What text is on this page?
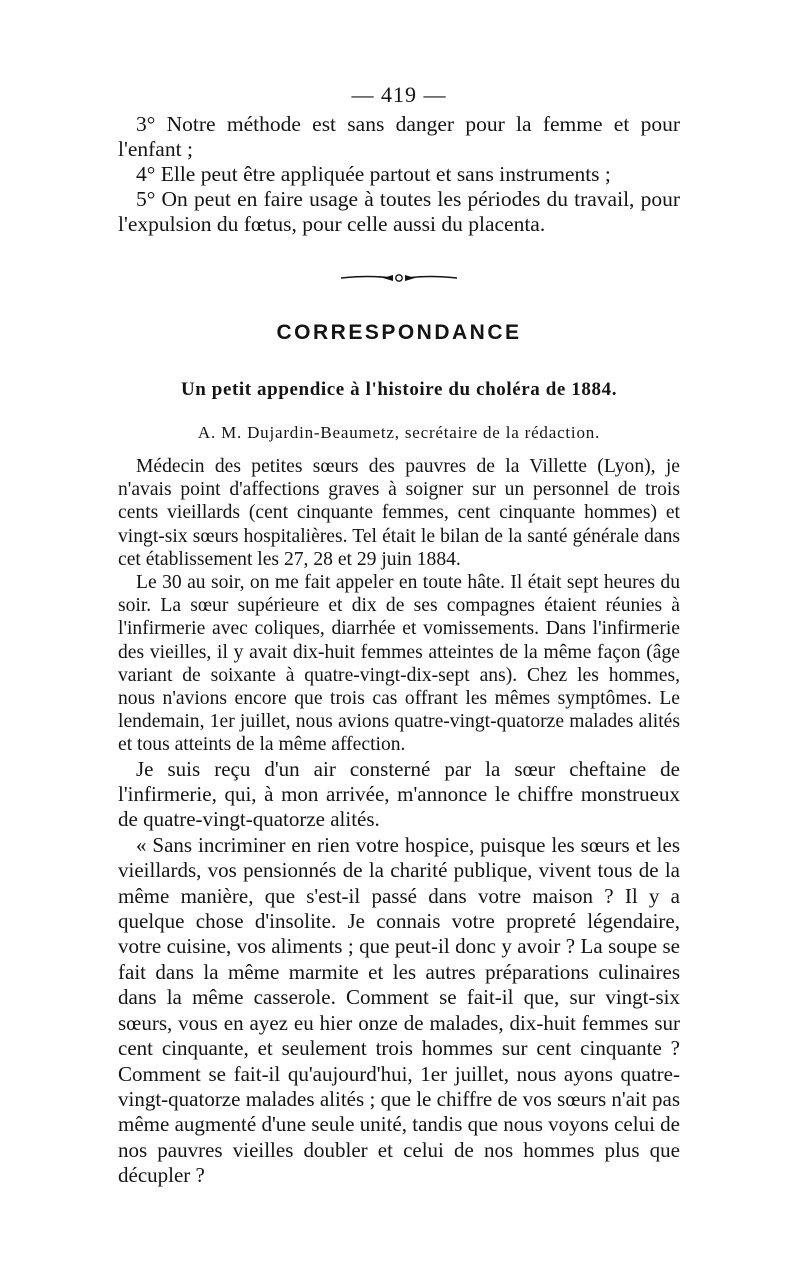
— 419 —

3° Notre méthode est sans danger pour la femme et pour l'enfant ;

4° Elle peut être appliquée partout et sans instruments ;

5° On peut en faire usage à toutes les périodes du travail, pour l'expulsion du fœtus, pour celle aussi du placenta.

CORRESPONDANCE
Un petit appendice à l'histoire du choléra de 1884.
A. M. Dujardin-Beaumetz, secrétaire de la rédaction.

Médecin des petites sœurs des pauvres de la Villette (Lyon), je n'avais point d'affections graves à soigner sur un personnel de trois cents vieillards (cent cinquante femmes, cent cinquante hommes) et vingt-six sœurs hospitalières. Tel était le bilan de la santé générale dans cet établissement les 27, 28 et 29 juin 1884.

Le 30 au soir, on me fait appeler en toute hâte. Il était sept heures du soir. La sœur supérieure et dix de ses compagnes étaient réunies à l'infirmerie avec coliques, diarrhée et vomissements. Dans l'infirmerie des vieilles, il y avait dix-huit femmes atteintes de la même façon (âge variant de soixante à quatre-vingt-dix-sept ans). Chez les hommes, nous n'avions encore que trois cas offrant les mêmes symptômes. Le lendemain, 1er juillet, nous avions quatre-vingt-quatorze malades alités et tous atteints de la même affection.

Je suis reçu d'un air consterné par la sœur cheftaine de l'infirmerie, qui, à mon arrivée, m'annonce le chiffre monstrueux de quatre-vingt-quatorze alités.

« Sans incriminer en rien votre hospice, puisque les sœurs et les vieillards, vos pensionnés de la charité publique, vivent tous de la même manière, que s'est-il passé dans votre maison ? Il y a quelque chose d'insolite. Je connais votre propreté légendaire, votre cuisine, vos aliments ; que peut-il donc y avoir ? La soupe se fait dans la même marmite et les autres préparations culinaires dans la même casserole. Comment se fait-il que, sur vingt-six sœurs, vous en ayez eu hier onze de malades, dix-huit femmes sur cent cinquante, et seulement trois hommes sur cent cinquante ? Comment se fait-il qu'aujourd'hui, 1er juillet, nous ayons quatre-vingt-quatorze malades alités ; que le chiffre de vos sœurs n'ait pas même augmenté d'une seule unité, tandis que nous voyons celui de nos pauvres vieilles doubler et celui de nos hommes plus que décupler ?
